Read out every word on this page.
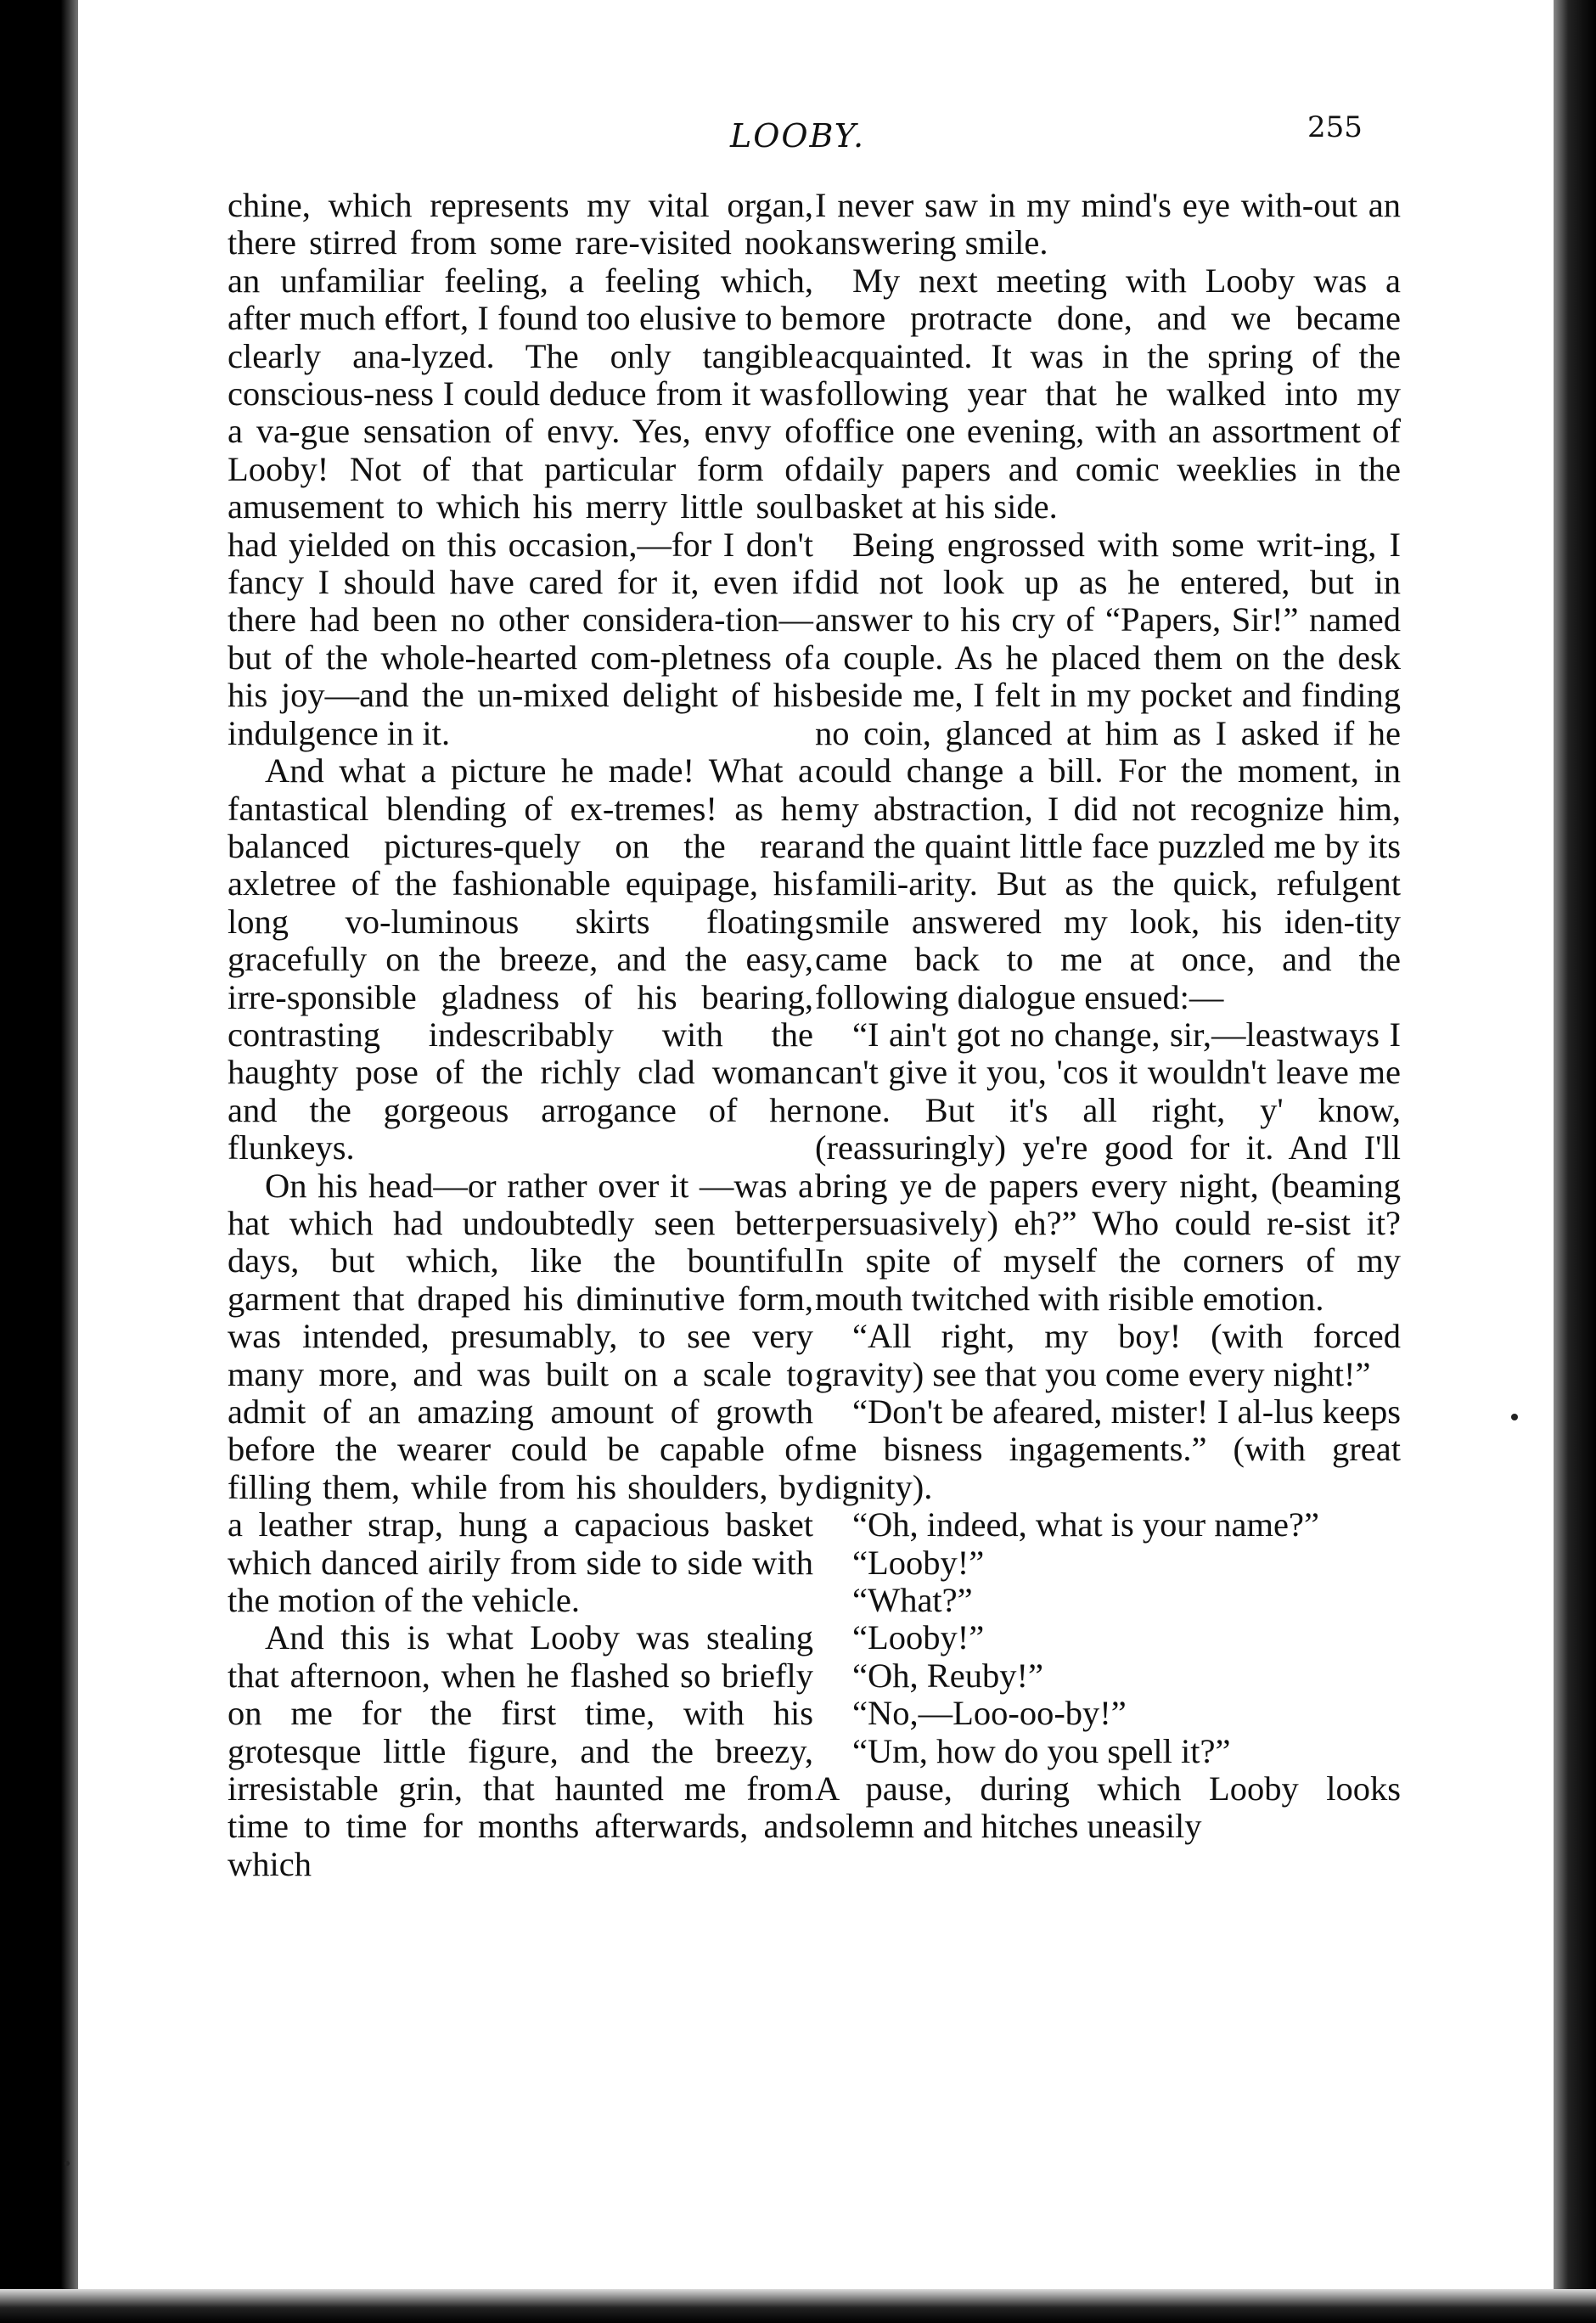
LOOBY.	255

chine, which represents my vital organ, there stirred from some rare-visited nook an unfamiliar feeling, a feeling which, after much effort, I found too elusive to be clearly ana-lyzed. The only tangible conscious-ness I could deduce from it was a va-gue sensation of envy. Yes, envy of Looby! Not of that particular form of amusement to which his merry little soul had yielded on this occasion,—for I don't fancy I should have cared for it, even if there had been no other considera-tion—but of the whole-hearted com-pletness of his joy—and the un-mixed delight of his indulgence in it.

And what a picture he made! What a fantastical blending of ex-tremes! as he balanced pictures-quely on the rear axletree of the fashionable equipage, his long vo-luminous skirts floating gracefully on the breeze, and the easy, irre-sponsible gladness of his bearing, contrasting indescribably with the haughty pose of the richly clad woman and the gorgeous arrogance of her flunkeys.

On his head—or rather over it —was a hat which had undoubtedly seen better days, but which, like the bountiful garment that draped his diminutive form, was intended, presumably, to see very many more, and was built on a scale to admit of an amazing amount of growth before the wearer could be capable of filling them, while from his shoulders, by a leather strap, hung a capacious basket which danced airily from side to side with the motion of the vehicle.

And this is what Looby was stealing that afternoon, when he flashed so briefly on me for the first time, with his grotesque little figure, and the breezy, irresistable grin, that haunted me from time to time for months afterwards, and which

I never saw in my mind's eye with-out an answering smile.

My next meeting with Looby was a more protracte done, and we became acquainted. It was in the spring of the following year that he walked into my office one evening, with an assortment of daily papers and comic weeklies in the basket at his side.

Being engrossed with some writ-ing, I did not look up as he entered, but in answer to his cry of “Papers, Sir!” named a couple. As he placed them on the desk beside me, I felt in my pocket and finding no coin, glanced at him as I asked if he could change a bill. For the moment, in my abstraction, I did not recognize him, and the quaint little face puzzled me by its famili-arity. But as the quick, refulgent smile answered my look, his iden-tity came back to me at once, and the following dialogue ensued:—

“I ain't got no change, sir,—leastways I can't give it you, 'cos it wouldn't leave me none. But it's all right, y' know, (reassuringly) ye're good for it. And I'll bring ye de papers every night, (beaming persuasively) eh?” Who could re-sist it? In spite of myself the corners of my mouth twitched with risible emotion.

“All right, my boy! (with forced gravity) see that you come every night!”

“Don't be afeared, mister! I al-lus keeps me bisness ingagements.” (with great dignity).

“Oh, indeed, what is your name?”

“Looby!”

“What?”

“Looby!”

“Oh, Reuby!”

“No,—Loo-oo-by!”

“Um, how do you spell it?”

A pause, during which Looby looks solemn and hitches uneasily
